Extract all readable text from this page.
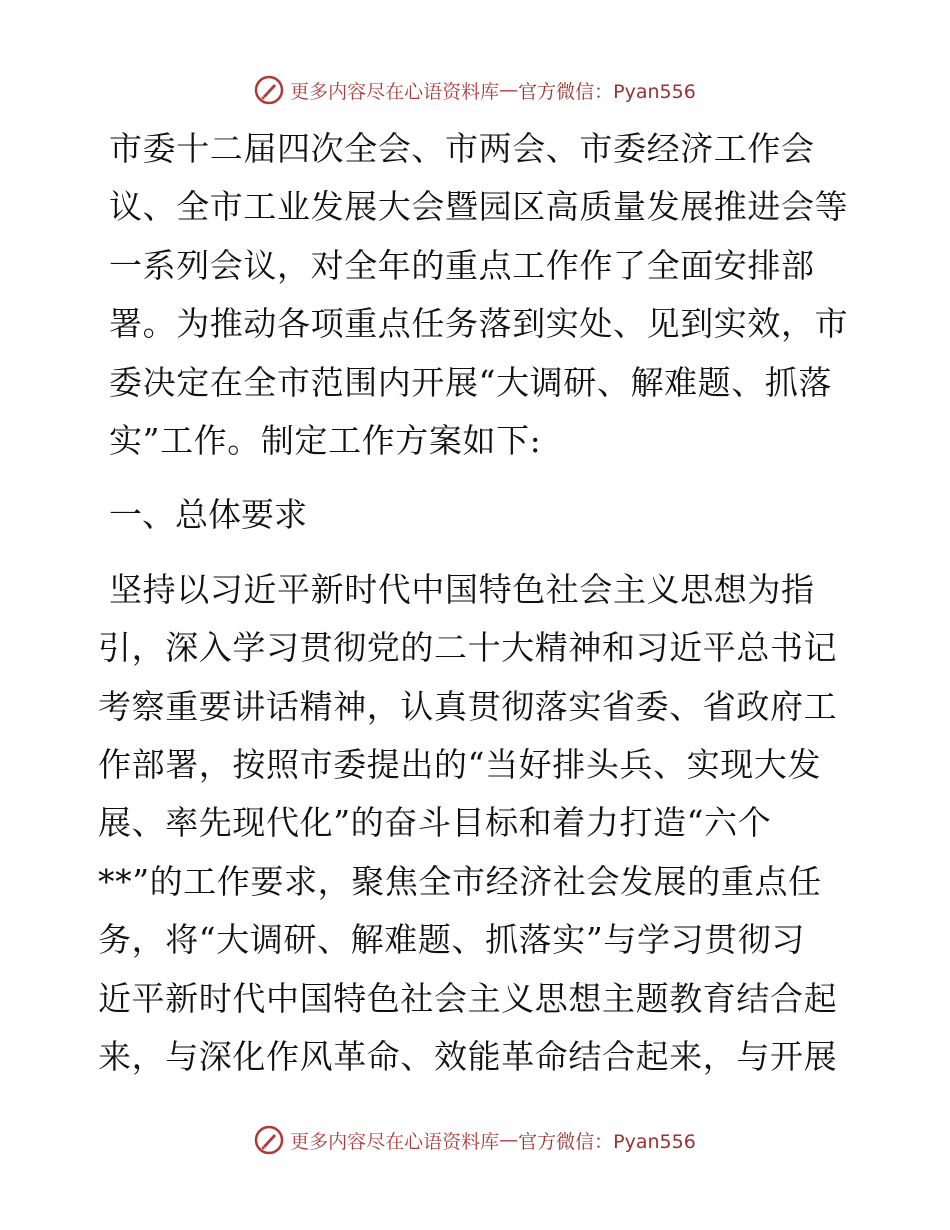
更多内容尽在心语资料库 — 官方微信：Pyan556
市委十二届四次全会、市两会、市委经济工作会
议、全市工业发展大会暨园区高质量发展推进会等
一系列会议，对全年的重点工作作了全面安排部
署。为推动各项重点任务落到实处、见到实效，市
委决定在全市范围内开展“大调研、解难题、抓落
实”工作。制定工作方案如下:
一、总体要求
坚持以习近平新时代中国特色社会主义思想为指
引，深入学习贯彻党的二十大精神和习近平总书记
考察重要讲话精神，认真贯彻落实省委、省政府工
作部署，按照市委提出的“当好排头兵、实现大发
展、率先现代化”的奋斗目标和着力打造“六个
**”的工作要求，聚焦全市经济社会发展的重点任
务，将“大调研、解难题、抓落实”与学习贯彻习
近平新时代中国特色社会主义思想主题教育结合起
来，与深化作风革命、效能革命结合起来，与开展
更多内容尽在心语资料库 — 官方微信：Pyan556
